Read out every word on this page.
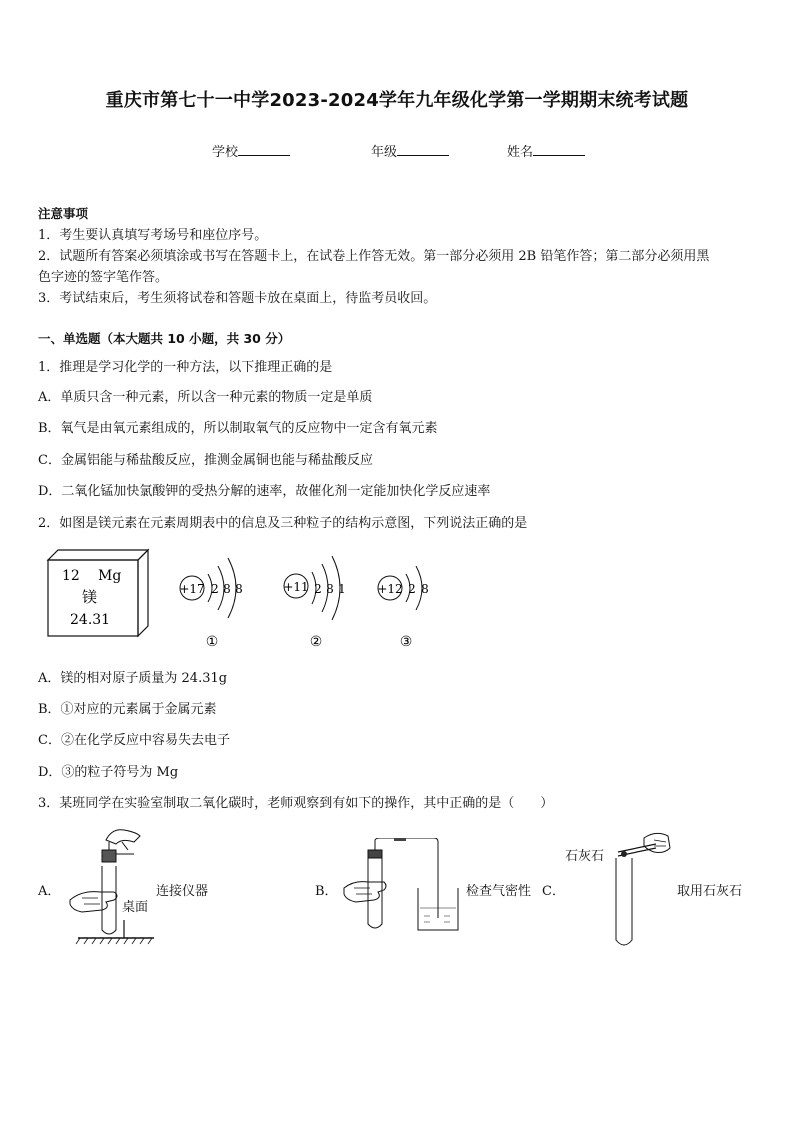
重庆市第七十一中学2023-2024学年九年级化学第一学期期末统考试题
学校	年级	姓名
注意事项
1．考生要认真填写考场号和座位序号。
2．试题所有答案必须填涂或书写在答题卡上，在试卷上作答无效。第一部分必须用 2B 铅笔作答；第二部分必须用黑
色字迹的签字笔作答。
3．考试结束后，考生须将试卷和答题卡放在桌面上，待监考员收回。
一、单选题（本大题共 10 小题，共 30 分）
1．推理是学习化学的一种方法，以下推理正确的是
A．单质只含一种元素，所以含一种元素的物质一定是单质
B．氧气是由氧元素组成的，所以制取氧气的反应物中一定含有氧元素
C．金属铝能与稀盐酸反应，推测金属铜也能与稀盐酸反应
D．二氧化锰加快氯酸钾的受热分解的速率，故催化剂一定能加快化学反应速率
2．如图是镁元素在元素周期表中的信息及三种粒子的结构示意图，下列说法正确的是
12 Mg
镁
24.31
+17 2 8 8
①
+11 2 8 1
②
+12 2 8
③
A．镁的相对原子质量为 24.31g
B．①对应的元素属于金属元素
C．②在化学反应中容易失去电子
D．③的粒子符号为 Mg
3．某班同学在实验室制取二氧化碳时，老师观察到有如下的操作，其中正确的是（　　）
A．	连接仪器
桌面
B．	检查气密性 C．
石灰石
取用石灰石
